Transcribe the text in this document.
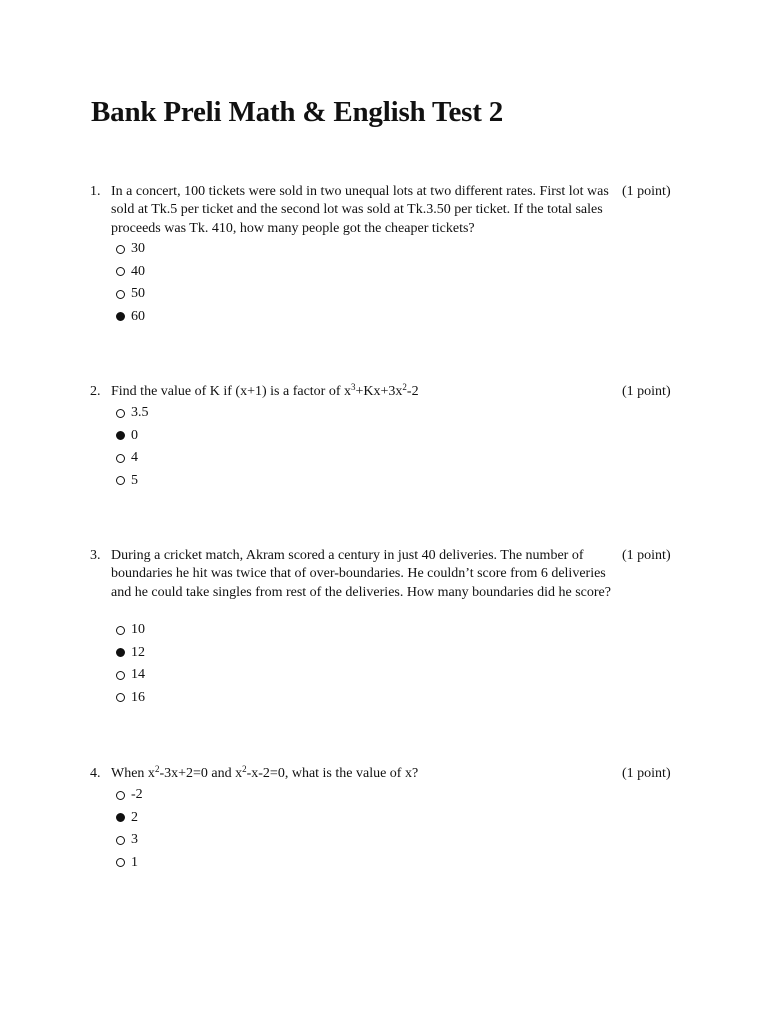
Bank Preli Math & English Test 2
1. In a concert, 100 tickets were sold in two unequal lots at two different rates. First lot was sold at Tk.5 per ticket and the second lot was sold at Tk.3.50 per ticket. If the total sales proceeds was Tk. 410, how many people got the cheaper tickets?

(1 point)
30
40
50
60
2. Find the value of K if (x+1) is a factor of $x^3+Kx+3x^2-2$	(1 point)
3.5
0
4
5
3. During a cricket match, Akram scored a century in just 40 deliveries. The number of boundaries he hit was twice that of over-boundaries. He couldn’t score from 6 deliveries and he could take singles from rest of the deliveries. How many boundaries did he score?

(1 point)
10
12
14
16
4. When $x^2-3x+2=0$ and $x^2-x-2=0$, what is the value of x?	(1 point)
-2
2
3
1
